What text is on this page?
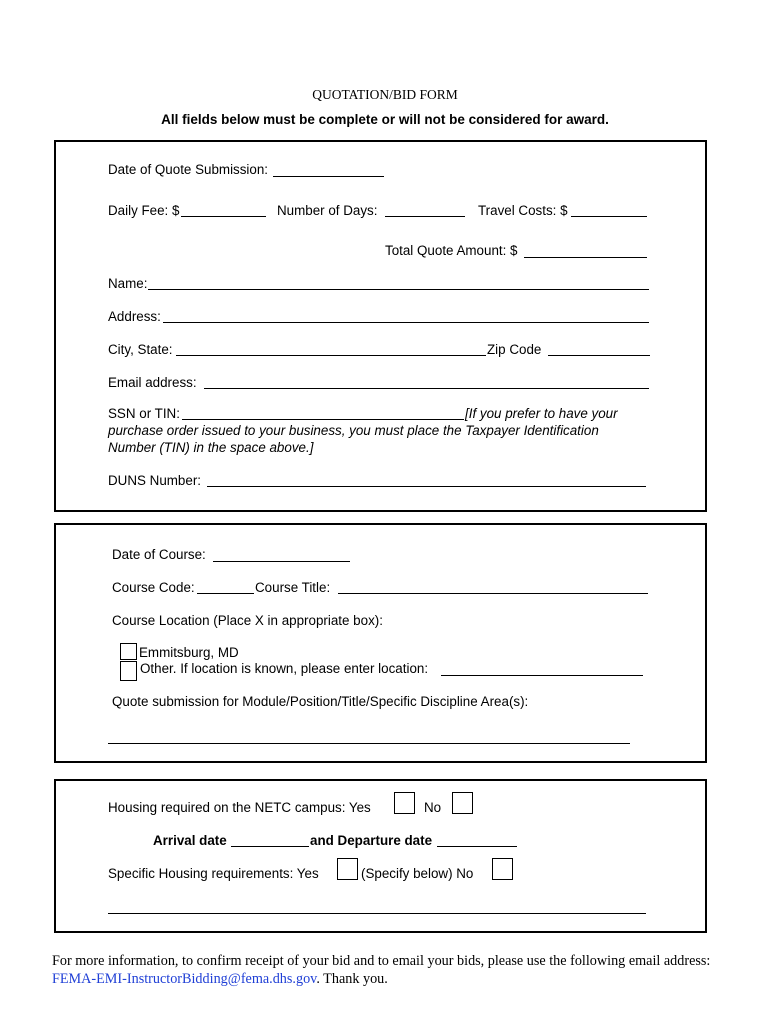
QUOTATION/BID FORM
All fields below must be complete or will not be considered for award.
Date of Quote Submission:
Daily Fee: $	Number of Days:	Travel Costs: $
Total Quote Amount: $
Name:
Address:
City, State:	Zip Code
Email address:
SSN or TIN:	[If you prefer to have your
purchase order issued to your business, you must place the Taxpayer Identification
Number (TIN) in the space above.]
DUNS Number:
Date of Course:
Course Code:	Course Title:
Course Location (Place X in appropriate box):
Emmitsburg, MD
Other. If location is known, please enter location:
Quote submission for Module/Position/Title/Specific Discipline Area(s):
Housing required on the NETC campus: Yes	No
Arrival date	and Departure date
Specific Housing requirements: Yes	(Specify below) No
For more information, to confirm receipt of your bid and to email your bids, please use the following email address: FEMA-EMI-InstructorBidding@fema.dhs.gov. Thank you.
